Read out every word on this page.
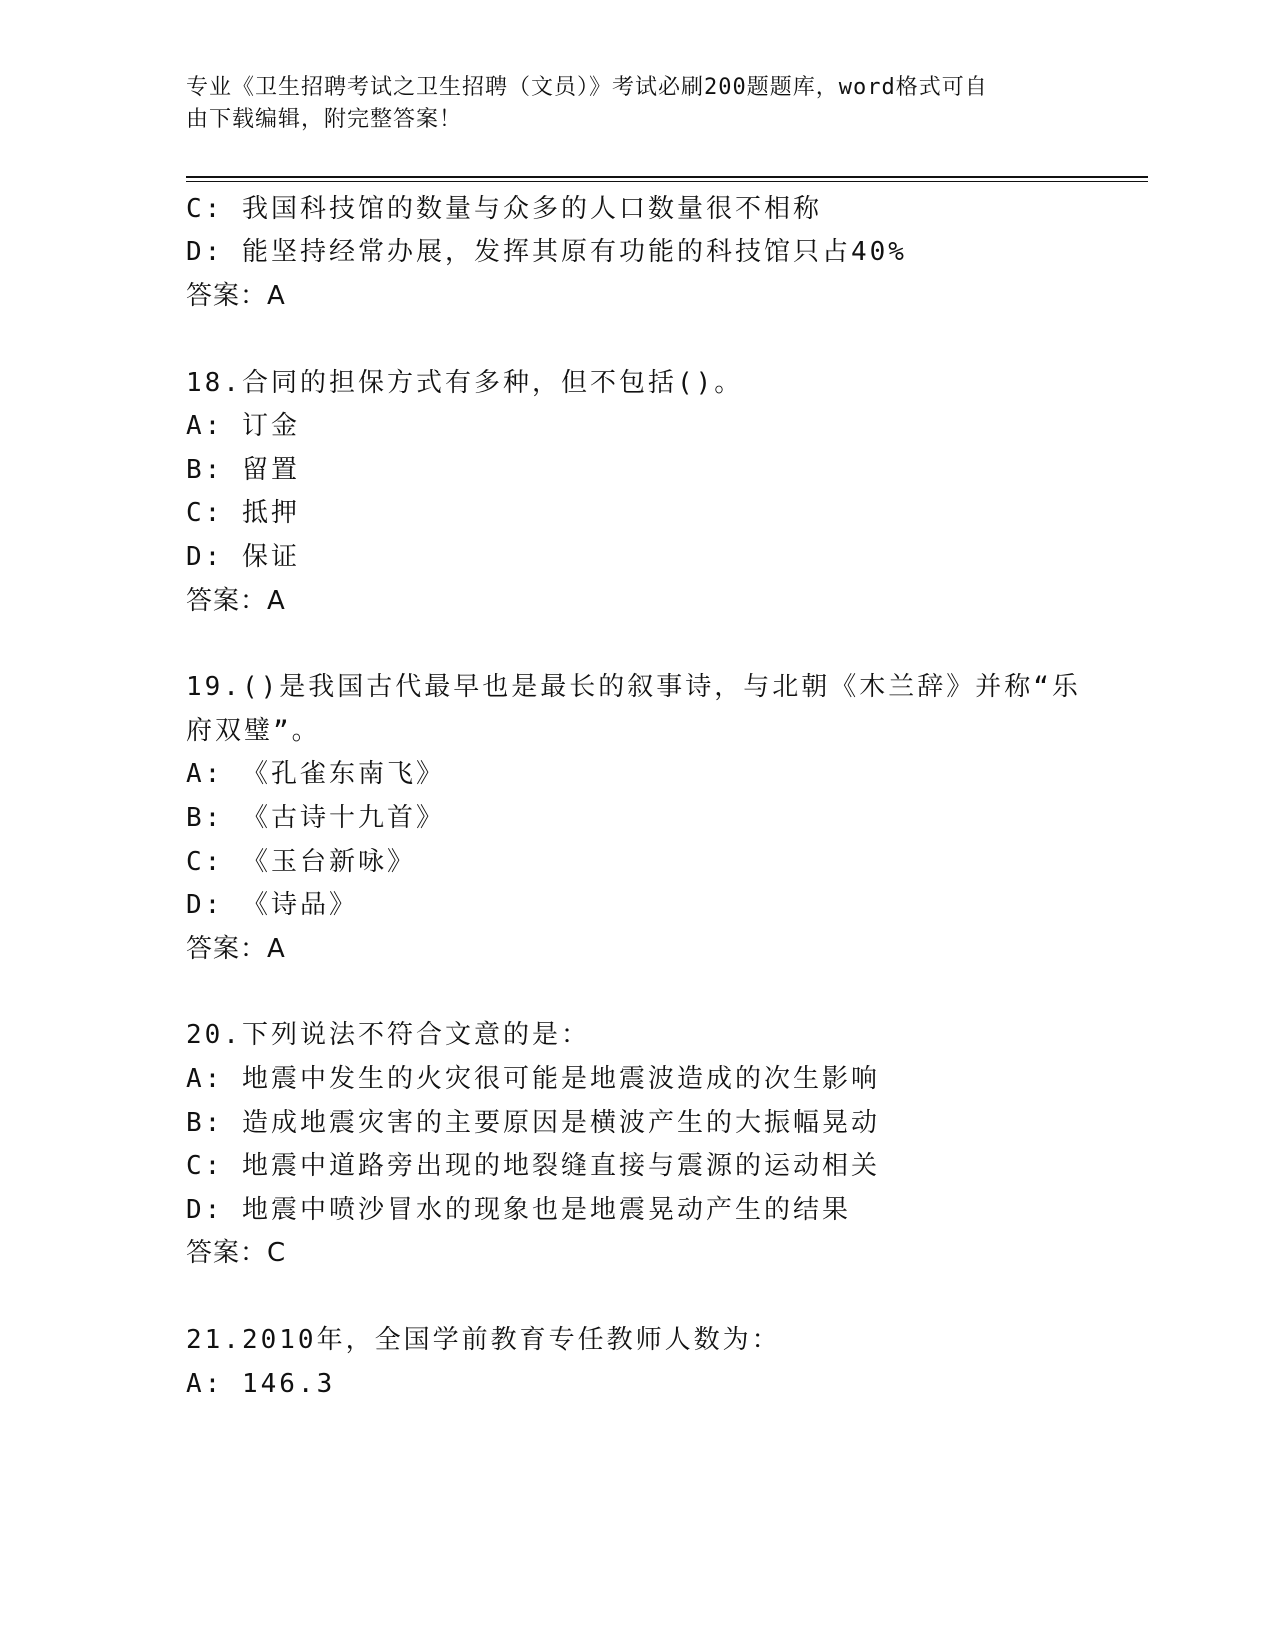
专业《卫生招聘考试之卫生招聘（文员）》考试必刷200题题库，word格式可自
由下载编辑，附完整答案！
C: 我国科技馆的数量与众多的人口数量很不相称
D: 能坚持经常办展，发挥其原有功能的科技馆只占40%
答案：A
18.合同的担保方式有多种，但不包括()。
A: 订金
B: 留置
C: 抵押
D: 保证
答案：A
19.()是我国古代最早也是最长的叙事诗，与北朝《木兰辞》并称“乐
府双璧”。
A: 《孔雀东南飞》
B: 《古诗十九首》
C: 《玉台新咏》
D: 《诗品》
答案：A
20.下列说法不符合文意的是：
A: 地震中发生的火灾很可能是地震波造成的次生影响
B: 造成地震灾害的主要原因是横波产生的大振幅晃动
C: 地震中道路旁出现的地裂缝直接与震源的运动相关
D: 地震中喷沙冒水的现象也是地震晃动产生的结果
答案：C
21.2010年，全国学前教育专任教师人数为：
A: 146.3
